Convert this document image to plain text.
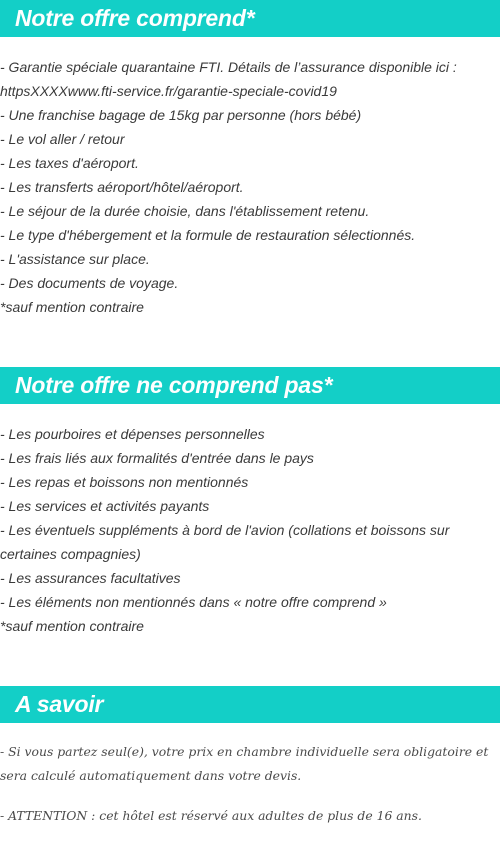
Notre offre comprend*
- Garantie spéciale quarantaine FTI. Détails de l’assurance disponible ici : httpsXXXXwww.fti-service.fr/garantie-speciale-covid19
- Une franchise bagage de 15kg par personne (hors bébé)
- Le vol aller / retour
- Les taxes d'aéroport.
- Les transferts aéroport/hôtel/aéroport.
- Le séjour de la durée choisie, dans l'établissement retenu.
- Le type d'hébergement et la formule de restauration sélectionnés.
- L'assistance sur place.
- Des documents de voyage.
*sauf mention contraire
Notre offre ne comprend pas*
- Les pourboires et dépenses personnelles
- Les frais liés aux formalités d'entrée dans le pays
- Les repas et boissons non mentionnés
- Les services et activités payants
- Les éventuels suppléments à bord de l'avion (collations et boissons sur certaines compagnies)
- Les assurances facultatives
- Les éléments non mentionnés dans « notre offre comprend »
*sauf mention contraire
A savoir

- Si vous partez seul(e), votre prix en chambre individuelle sera obligatoire et sera calculé automatiquement dans votre devis.

- ATTENTION : cet hôtel est réservé aux adultes de plus de 16 ans.
